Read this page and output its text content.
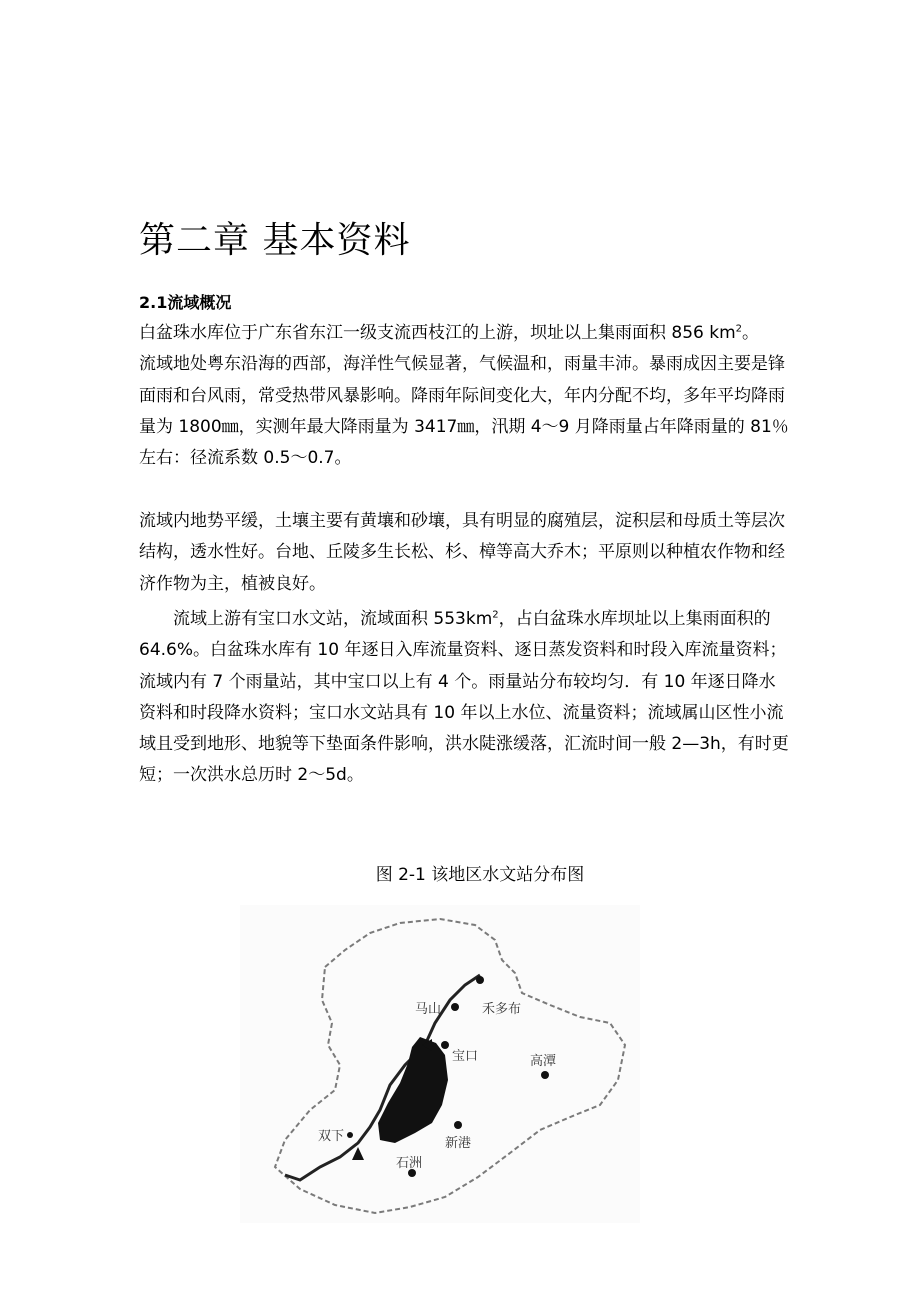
第二章 基本资料
2.1流域概况

白盆珠水库位于广东省东江一级支流西枝江的上游，坝址以上集雨面积 856 $km^2$。
流域地处粤东沿海的西部，海洋性气候显著，气候温和，雨量丰沛。暴雨成因主要是锋面雨和台风雨，常受热带风暴影响。降雨年际间变化大，年内分配不均，多年平均降雨量为 1800㎜，实测年最大降雨量为 3417㎜，汛期 4～9 月降雨量占年降雨量的 81％左右：径流系数 0.5～0.7。

流域内地势平缓，土壤主要有黄壤和砂壤，具有明显的腐殖层，淀积层和母质土等层次结构，透水性好。台地、丘陵多生长松、杉、樟等高大乔木；平原则以种植农作物和经济作物为主，植被良好。

流域上游有宝口水文站，流域面积 $553km^2$，占白盆珠水库坝址以上集雨面积的 64.6%。白盆珠水库有 10 年逐日入库流量资料、逐日蒸发资料和时段入库流量资料；流域内有 7 个雨量站，其中宝口以上有 4 个。雨量站分布较均匀．有 10 年逐日降水资料和时段降水资料；宝口水文站具有 10 年以上水位、流量资料；流域属山区性小流域且受到地形、地貌等下垫面条件影响，洪水陡涨缓落，汇流时间一般 2—3h，有时更短；一次洪水总历时 2～5d。

图 2-1 该地区水文站分布图

马山	禾多布
宝口	高潭
双下	新港
石洲
